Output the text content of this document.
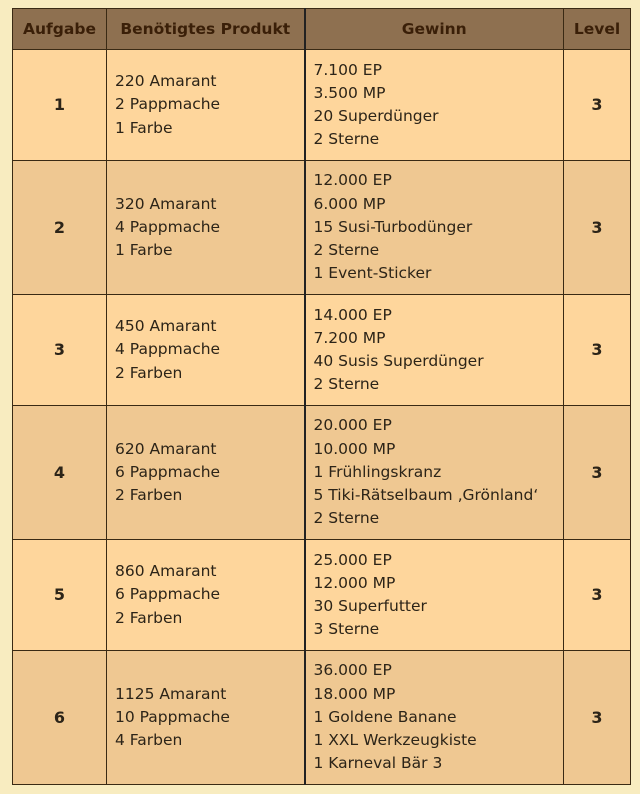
Aufgabe	Benötigtes Produkt	Gewinn	Level
1	220 Amarant
2 Pappmache
1 Farbe	7.100 EP
3.500 MP
20 Superdünger
2 Sterne	3
2	320 Amarant
4 Pappmache
1 Farbe	12.000 EP
6.000 MP
15 Susi-Turbodünger
2 Sterne
1 Event-Sticker	3
3	450 Amarant
4 Pappmache
2 Farben	14.000 EP
7.200 MP
40 Susis Superdünger
2 Sterne	3
4	620 Amarant
6 Pappmache
2 Farben	20.000 EP
10.000 MP
1 Frühlingskranz
5 Tiki-Rätselbaum ‚Grönland‘
2 Sterne	3
5	860 Amarant
6 Pappmache
2 Farben	25.000 EP
12.000 MP
30 Superfutter
3 Sterne	3
6	1125 Amarant
10 Pappmache
4 Farben	36.000 EP
18.000 MP
1 Goldene Banane
1 XXL Werkzeugkiste
1 Karneval Bär 3	3
